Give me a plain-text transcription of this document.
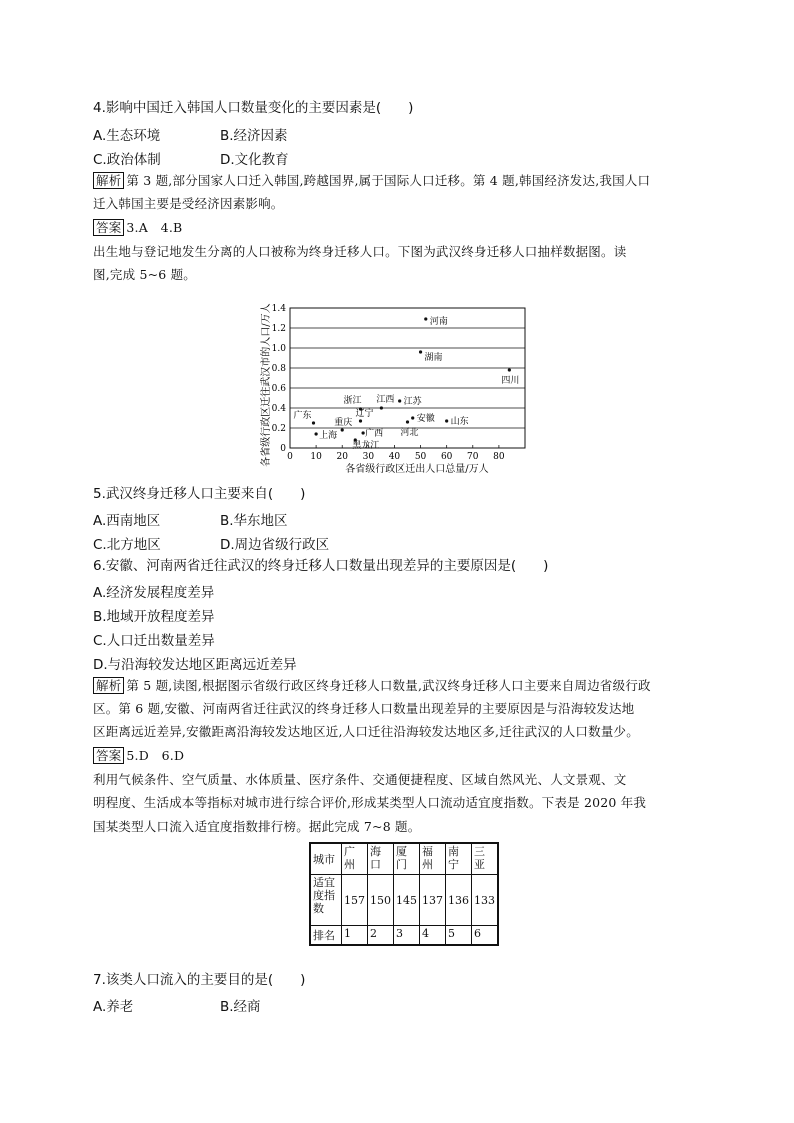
4.影响中国迁入韩国人口数量变化的主要因素是(　　)
A.生态环境	B.经济因素
C.政治体制	D.文化教育
解析 第 3 题,部分国家人口迁入韩国,跨越国界,属于国际人口迁移。第 4 题,韩国经济发达,我国人口
迁入韩国主要是受经济因素影响。
答案 3.A　4.B
出生地与登记地发生分离的人口被称为终身迁移人口。下图为武汉终身迁移人口抽样数据图。读
图,完成 5~6 题。
0
0.2
0.4
0.6
0.8
1.0
1.2
1.4
0 10 20 30 40 50 60 70 80
河南
湖南
四川
江苏
浙江 江西
辽宁	安徽 山东
广东
重庆
河北
上海	广西
黑龙江
各省级行政区迁往武汉市的人口/万人
各省级行政区迁出人口总量/万人
5.武汉终身迁移人口主要来自(　　)
A.西南地区	B.华东地区
C.北方地区	D.周边省级行政区
6.安徽、河南两省迁往武汉的终身迁移人口数量出现差异的主要原因是(　　)
A.经济发展程度差异
B.地域开放程度差异
C.人口迁出数量差异
D.与沿海较发达地区距离远近差异
解析 第 5 题,读图,根据图示省级行政区终身迁移人口数量,武汉终身迁移人口主要来自周边省级行政
区。第 6 题,安徽、河南两省迁往武汉的终身迁移人口数量出现差异的主要原因是与沿海较发达地
区距离远近差异,安徽距离沿海较发达地区近,人口迁往沿海较发达地区多,迁往武汉的人口数量少。
答案 5.D　6.D
利用气候条件、空气质量、水体质量、医疗条件、交通便捷程度、区域自然风光、人文景观、文
明程度、生活成本等指标对城市进行综合评价,形成某类型人口流动适宜度指数。下表是 2020 年我
国某类型人口流入适宜度指数排行榜。据此完成 7~8 题。
城市	广州	海口	厦门	福州	南宁	三亚
适宜度指数	157	150	145	137	136	133
排名	1	2	3	4	5	6
7.该类人口流入的主要目的是(　　)
A.养老	B.经商
